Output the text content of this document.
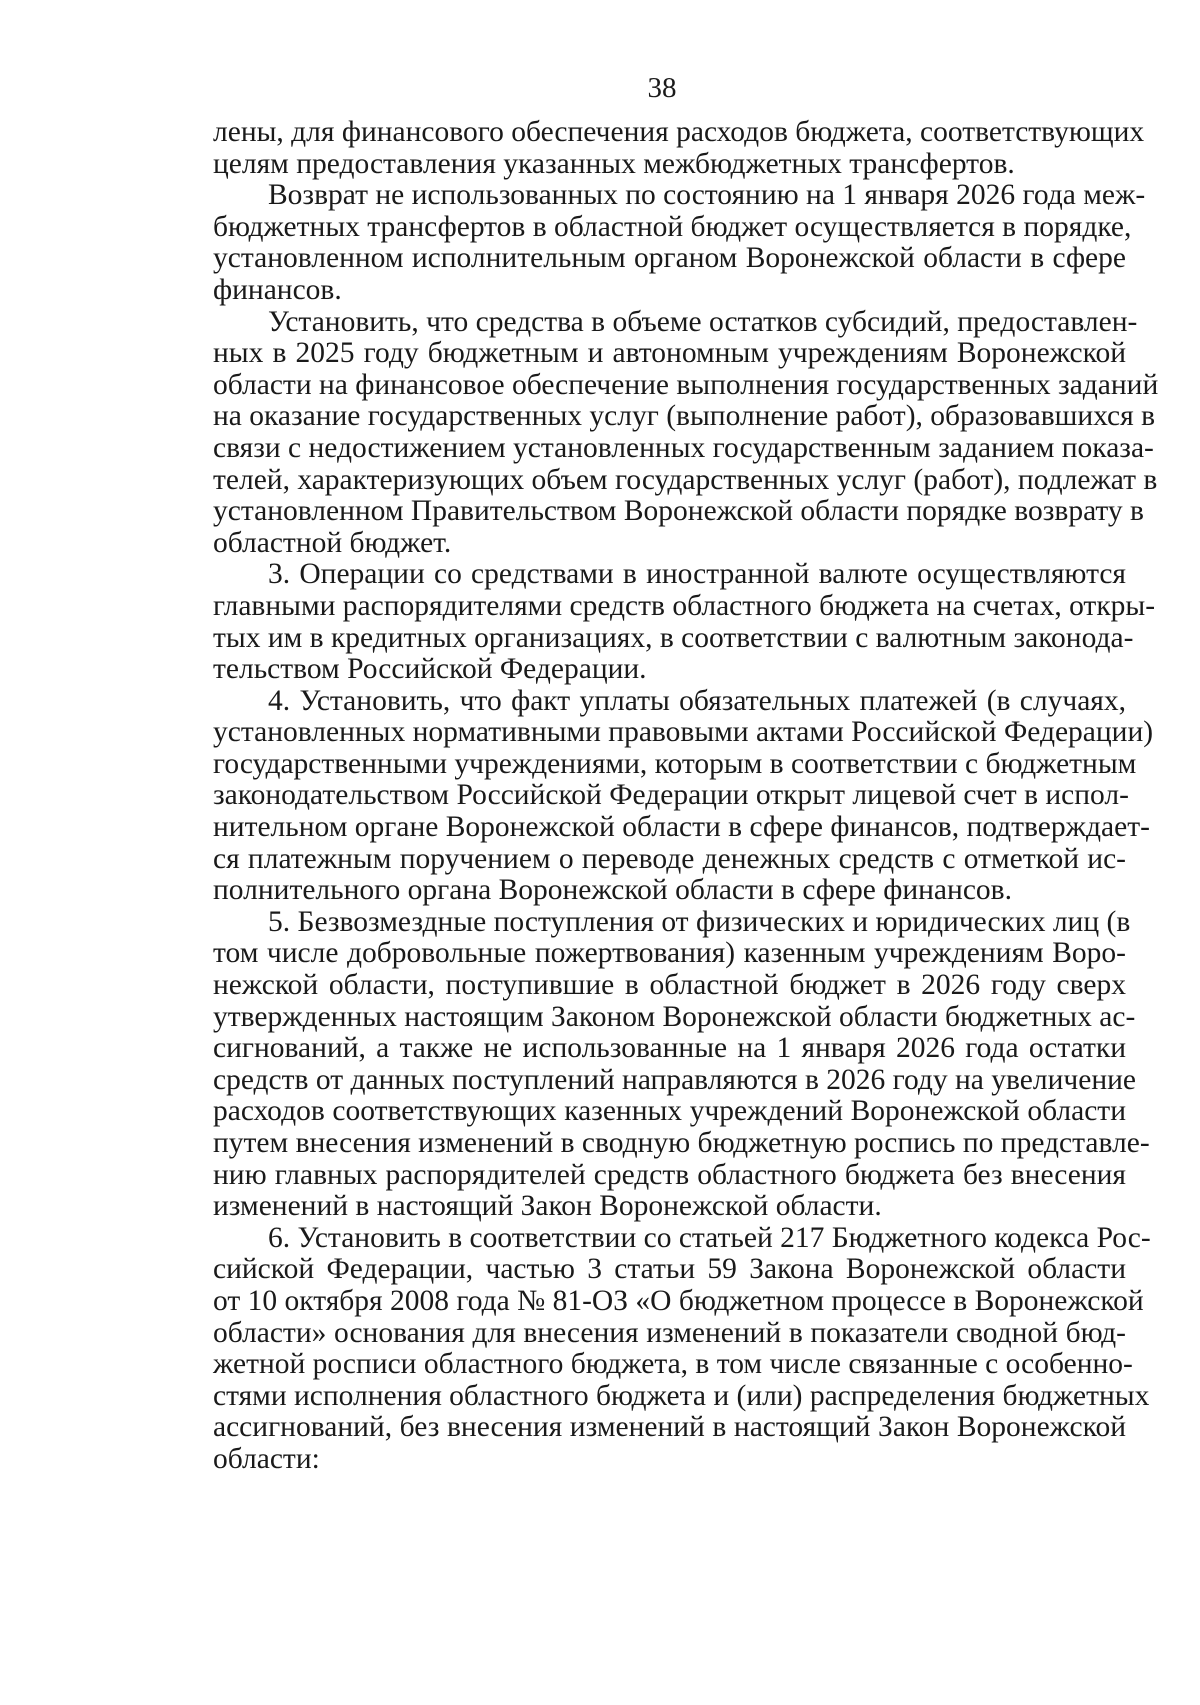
38

лены, для финансового обеспечения расходов бюджета, соответствующих

целям предоставления указанных межбюджетных трансфертов.

Возврат не использованных по состоянию на 1 января 2026 года меж-

бюджетных трансфертов в областной бюджет осуществляется в порядке,

установленном исполнительным органом Воронежской области в сфере

финансов.

Установить, что средства в объеме остатков субсидий, предоставлен-

ных в 2025 году бюджетным и автономным учреждениям Воронежской

области на финансовое обеспечение выполнения государственных заданий

на оказание государственных услуг (выполнение работ), образовавшихся в

связи с недостижением установленных государственным заданием показа-

телей, характеризующих объем государственных услуг (работ), подлежат в

установленном Правительством Воронежской области порядке возврату в

областной бюджет.

3. Операции со средствами в иностранной валюте осуществляются

главными распорядителями средств областного бюджета на счетах, откры-

тых им в кредитных организациях, в соответствии с валютным законода-

тельством Российской Федерации.

4. Установить, что факт уплаты обязательных платежей (в случаях,

установленных нормативными правовыми актами Российской Федерации)

государственными учреждениями, которым в соответствии с бюджетным

законодательством Российской Федерации открыт лицевой счет в испол-

нительном органе Воронежской области в сфере финансов, подтверждает-

ся платежным поручением о переводе денежных средств с отметкой ис-

полнительного органа Воронежской области в сфере финансов.

5. Безвозмездные поступления от физических и юридических лиц (в

том числе добровольные пожертвования) казенным учреждениям Воро-

нежской области, поступившие в областной бюджет в 2026 году сверх

утвержденных настоящим Законом Воронежской области бюджетных ас-

сигнований, а также не использованные на 1 января 2026 года остатки

средств от данных поступлений направляются в 2026 году на увеличение

расходов соответствующих казенных учреждений Воронежской области

путем внесения изменений в сводную бюджетную роспись по представле-

нию главных распорядителей средств областного бюджета без внесения

изменений в настоящий Закон Воронежской области.

6. Установить в соответствии со статьей 217 Бюджетного кодекса Рос-

сийской Федерации, частью 3 статьи 59 Закона Воронежской области

от 10 октября 2008 года № 81-ОЗ «О бюджетном процессе в Воронежской

области» основания для внесения изменений в показатели сводной бюд-

жетной росписи областного бюджета, в том числе связанные с особенно-

стями исполнения областного бюджета и (или) распределения бюджетных

ассигнований, без внесения изменений в настоящий Закон Воронежской

области:
